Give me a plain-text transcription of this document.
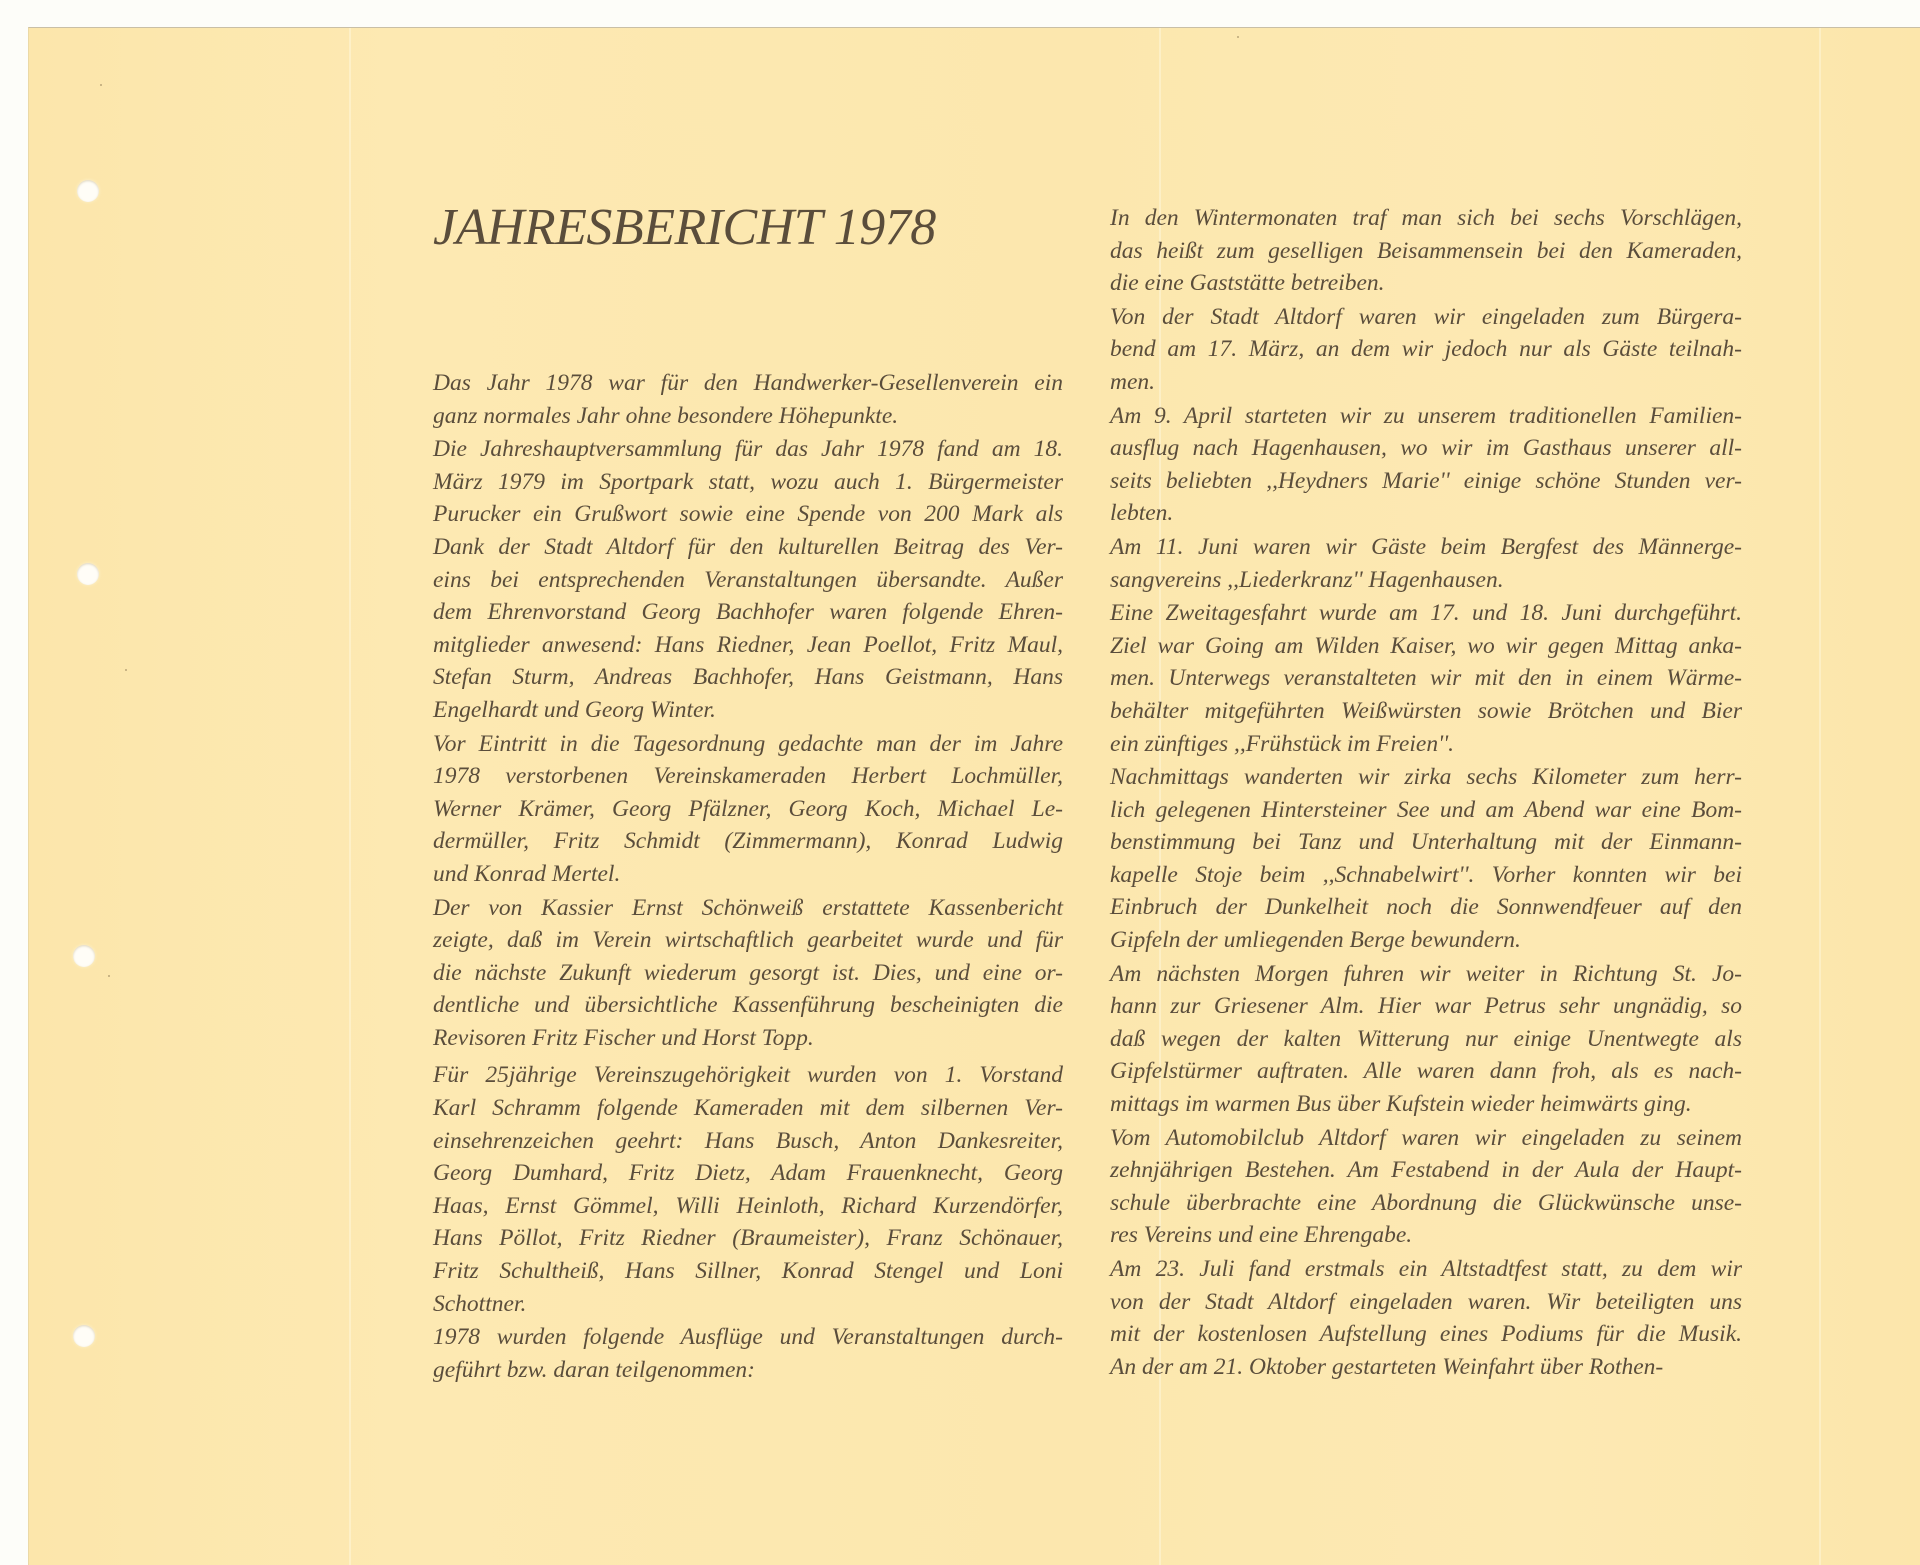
JAHRESBERICHT 1978

Das Jahr 1978 war für den Handwerker-Gesellenverein ein
ganz normales Jahr ohne besondere Höhepunkte.

Die Jahreshauptversammlung für das Jahr 1978 fand am 18.
März 1979 im Sportpark statt, wozu auch 1. Bürgermeister
Purucker ein Grußwort sowie eine Spende von 200 Mark als
Dank der Stadt Altdorf für den kulturellen Beitrag des Ver-
eins bei entsprechenden Veranstaltungen übersandte. Außer
dem Ehrenvorstand Georg Bachhofer waren folgende Ehren-
mitglieder anwesend: Hans Riedner, Jean Poellot, Fritz Maul,
Stefan Sturm, Andreas Bachhofer, Hans Geistmann, Hans
Engelhardt und Georg Winter.

Vor Eintritt in die Tagesordnung gedachte man der im Jahre
1978 verstorbenen Vereinskameraden Herbert Lochmüller,
Werner Krämer, Georg Pfälzner, Georg Koch, Michael Le-
dermüller, Fritz Schmidt (Zimmermann), Konrad Ludwig
und Konrad Mertel.

Der von Kassier Ernst Schönweiß erstattete Kassenbericht
zeigte, daß im Verein wirtschaftlich gearbeitet wurde und für
die nächste Zukunft wiederum gesorgt ist. Dies, und eine or-
dentliche und übersichtliche Kassenführung bescheinigten die
Revisoren Fritz Fischer und Horst Topp.

Für 25jährige Vereinszugehörigkeit wurden von 1. Vorstand
Karl Schramm folgende Kameraden mit dem silbernen Ver-
einsehrenzeichen geehrt: Hans Busch, Anton Dankesreiter,
Georg Dumhard, Fritz Dietz, Adam Frauenknecht, Georg
Haas, Ernst Gömmel, Willi Heinloth, Richard Kurzendörfer,
Hans Pöllot, Fritz Riedner (Braumeister), Franz Schönauer,
Fritz Schultheiß, Hans Sillner, Konrad Stengel und Loni
Schottner.

1978 wurden folgende Ausflüge und Veranstaltungen durch-
geführt bzw. daran teilgenommen:

In den Wintermonaten traf man sich bei sechs Vorschlägen,
das heißt zum geselligen Beisammensein bei den Kameraden,
die eine Gaststätte betreiben.

Von der Stadt Altdorf waren wir eingeladen zum Bürgera-
bend am 17. März, an dem wir jedoch nur als Gäste teilnah-
men.

Am 9. April starteten wir zu unserem traditionellen Familien-
ausflug nach Hagenhausen, wo wir im Gasthaus unserer all-
seits beliebten ,,Heydners Marie'' einige schöne Stunden ver-
lebten.

Am 11. Juni waren wir Gäste beim Bergfest des Männerge-
sangvereins ,,Liederkranz'' Hagenhausen.

Eine Zweitagesfahrt wurde am 17. und 18. Juni durchgeführt.
Ziel war Going am Wilden Kaiser, wo wir gegen Mittag anka-
men. Unterwegs veranstalteten wir mit den in einem Wärme-
behälter mitgeführten Weißwürsten sowie Brötchen und Bier
ein zünftiges ,,Frühstück im Freien''.

Nachmittags wanderten wir zirka sechs Kilometer zum herr-
lich gelegenen Hintersteiner See und am Abend war eine Bom-
benstimmung bei Tanz und Unterhaltung mit der Einmann-
kapelle Stoje beim ,,Schnabelwirt''. Vorher konnten wir bei
Einbruch der Dunkelheit noch die Sonnwendfeuer auf den
Gipfeln der umliegenden Berge bewundern.

Am nächsten Morgen fuhren wir weiter in Richtung St. Jo-
hann zur Griesener Alm. Hier war Petrus sehr ungnädig, so
daß wegen der kalten Witterung nur einige Unentwegte als
Gipfelstürmer auftraten. Alle waren dann froh, als es nach-
mittags im warmen Bus über Kufstein wieder heimwärts ging.

Vom Automobilclub Altdorf waren wir eingeladen zu seinem
zehnjährigen Bestehen. Am Festabend in der Aula der Haupt-
schule überbrachte eine Abordnung die Glückwünsche unse-
res Vereins und eine Ehrengabe.

Am 23. Juli fand erstmals ein Altstadtfest statt, zu dem wir
von der Stadt Altdorf eingeladen waren. Wir beteiligten uns
mit der kostenlosen Aufstellung eines Podiums für die Musik.
An der am 21. Oktober gestarteten Weinfahrt über Rothen-
